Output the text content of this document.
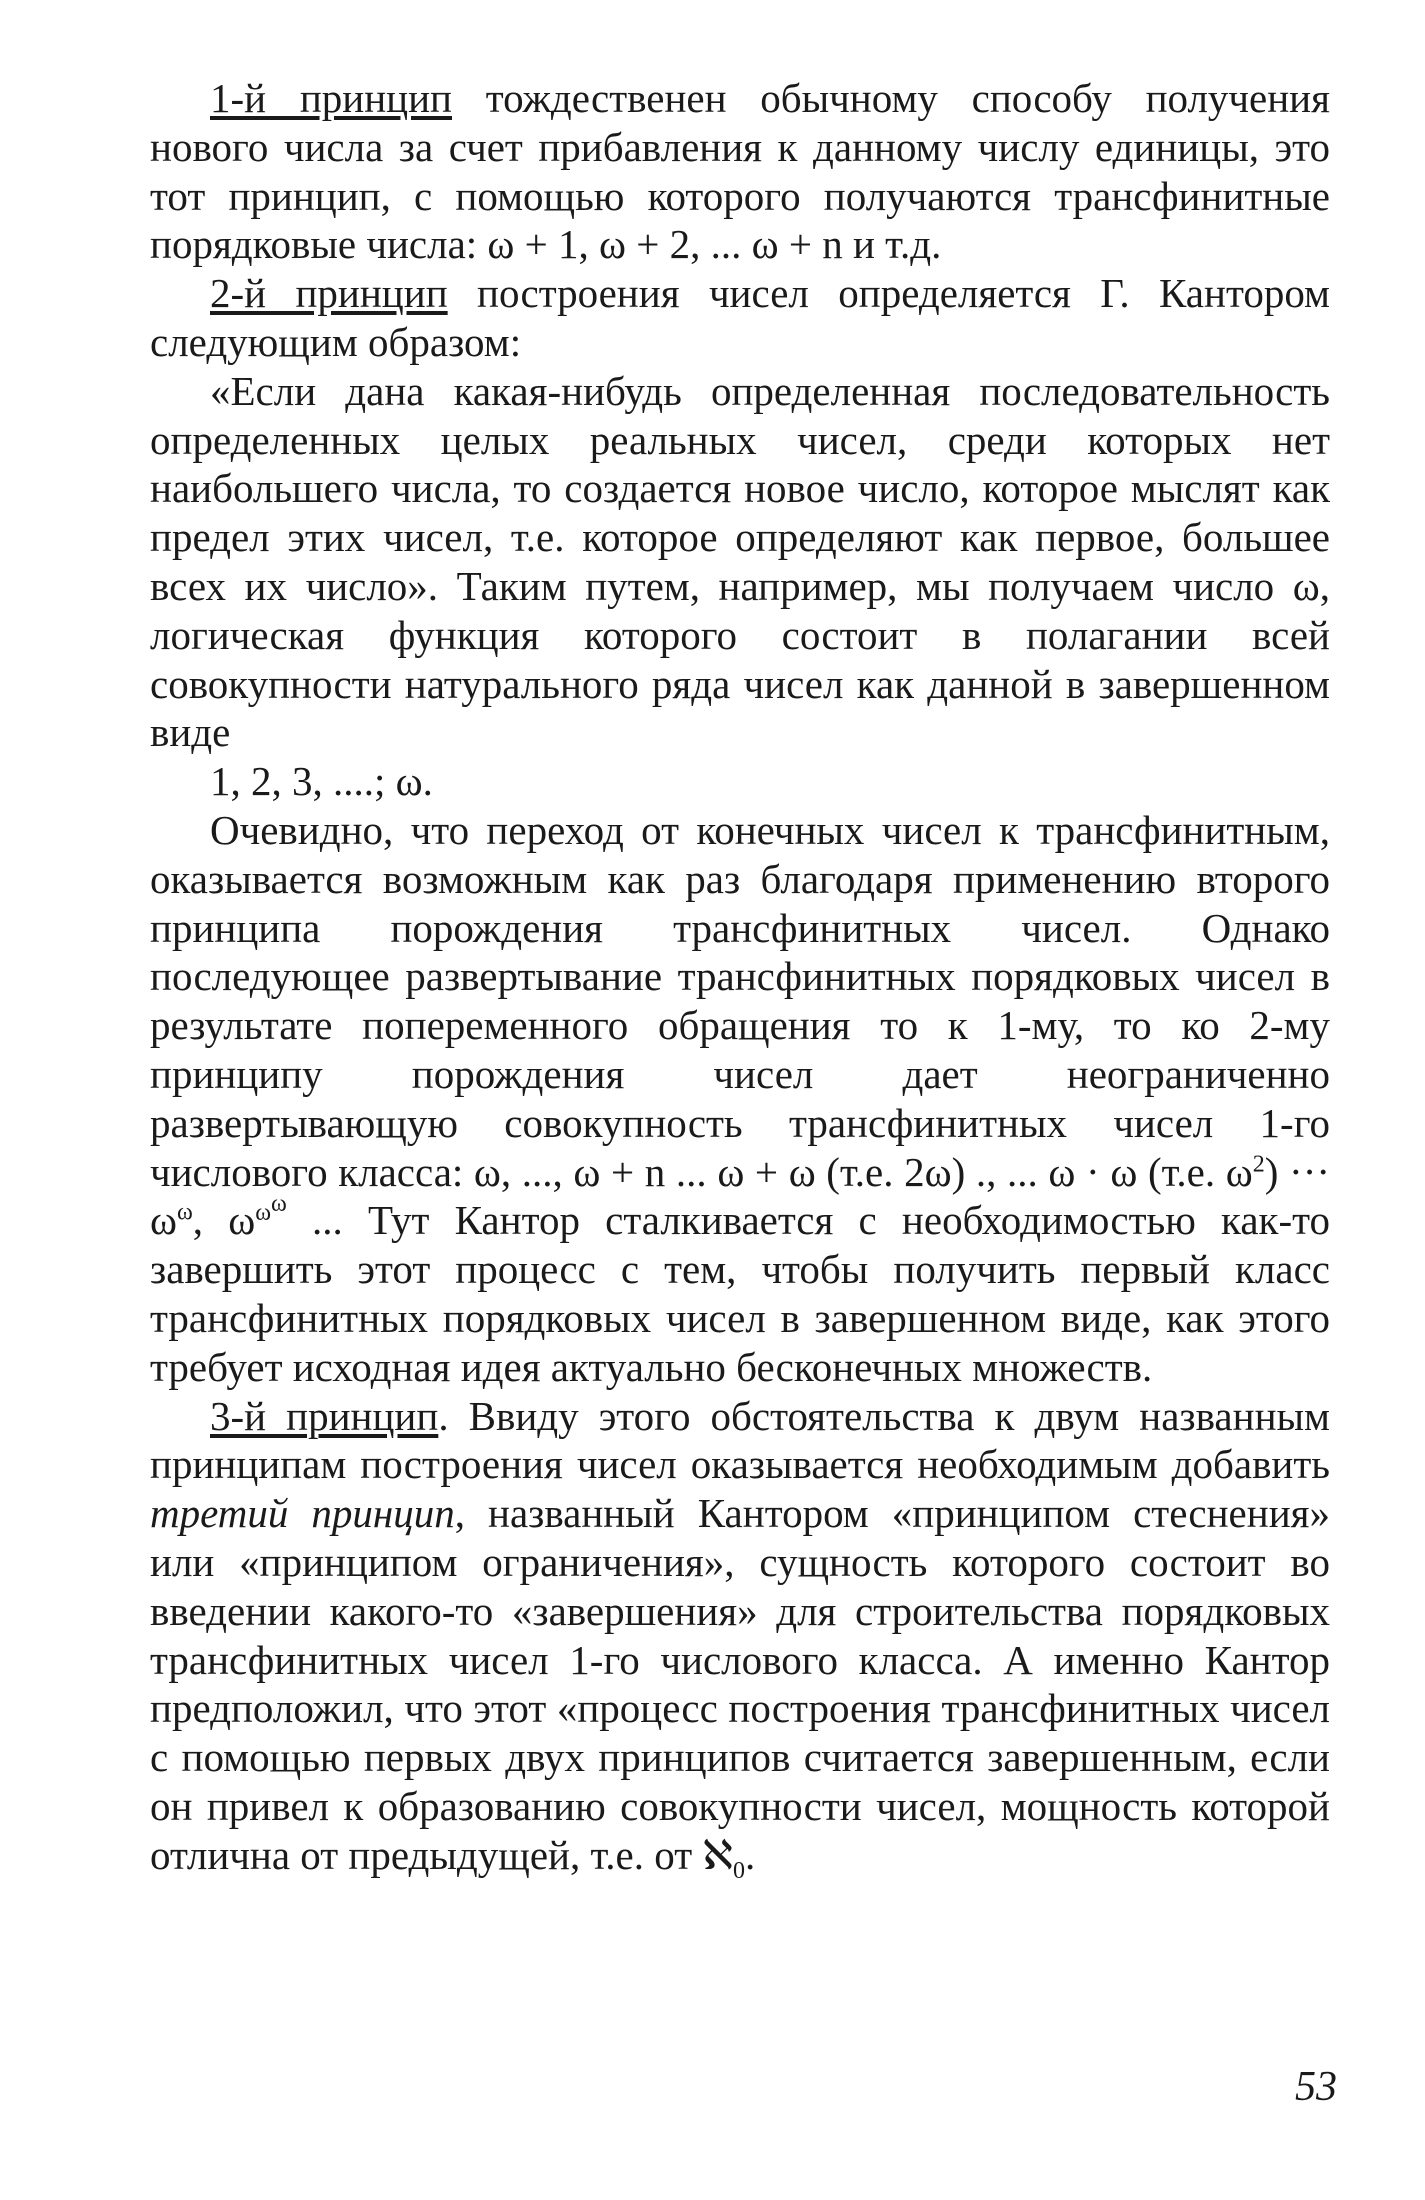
1-й принцип тождественен обычному способу получения нового числа за счет прибавления к данному числу единицы, это тот принцип, с помощью которого получаются трансфинитные порядковые числа: ω + 1, ω + 2, ... ω + n и т.д.

2-й принцип построения чисел определяется Г. Кантором следующим образом:

«Если дана какая-нибудь определенная последовательность определенных целых реальных чисел, среди которых нет наибольшего числа, то создается новое число, которое мыслят как предел этих чисел, т.е. которое определяют как первое, большее всех их число». Таким путем, например, мы получаем число ω, логическая функция которого состоит в полагании всей совокупности натурального ряда чисел как данной в завершенном виде

1, 2, 3, ....; ω.

Очевидно, что переход от конечных чисел к трансфинитным, оказывается возможным как раз благодаря применению второго принципа порождения трансфинитных чисел. Однако последующее развертывание трансфинитных порядковых чисел в результате попеременного обращения то к 1-му, то ко 2-му принципу порождения чисел дает неограниченно развертывающую совокупность трансфинитных чисел 1-го числового класса: ω, ..., ω + n ... ω + ω (т.е. 2ω) ., ... ω · ω (т.е. $\omega^2$) ··· $\omega^\omega$, $\omega^{\omega^\omega}$ ... Тут Кантор сталкивается с необходимостью как-то завершить этот процесс с тем, чтобы получить первый класс трансфинитных порядковых чисел в завершенном виде, как этого требует исходная идея актуально бесконечных множеств.

3-й принцип. Ввиду этого обстоятельства к двум названным принципам построения чисел оказывается необходимым добавить третий принцип, названный Кантором «принципом стеснения» или «принципом ограничения», сущность которого состоит во введении какого-то «завершения» для строительства порядковых трансфинитных чисел 1-го числового класса. А именно Кантор предположил, что этот «процесс построения трансфинитных чисел с помощью первых двух принципов считается завершенным, если он привел к образованию совокупности чисел, мощность которой отлична от предыдущей, т.е. от ℵ$_0$.

53
